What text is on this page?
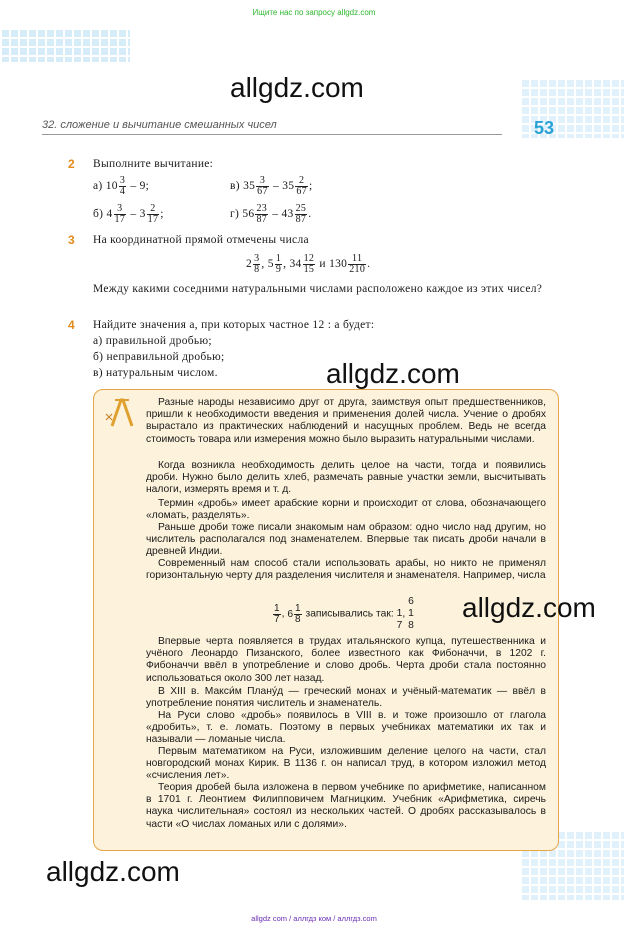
Ищите нас по запросу allgdz.com
allgdz.com
32. сложение и вычитание смешанных чисел	53
2 Выполните вычитание:
а) $10 \frac{3}{4} - 9$;	в) $35 \frac{3}{67} - 35 \frac{2}{67}$ ;
б) $4 \frac{3}{17} - 3 \frac{2}{17}$ ;	г) $56 \frac{23}{87} - 43 \frac{25}{87}$ .
3 На координатной прямой отмечены числа
$2 \frac{3}{8}$ , $5 \frac{1}{9}$ , $34 \frac{12}{15}$ и $130 \frac{11}{210}$ .
Между какими соседними натуральными числами расположено каждое из этих чисел?
4 Найдите значения a, при которых частное 12 : a будет:
а) правильной дробью;
б) неправильной дробью;
в) натуральным числом.	allgdz.com
Разные народы независимо друг от друга, заимствуя опыт предшественников, пришли к необходимости введения и применения долей числа. Учение о дробях вырастало из практических наблюдений и насущных проблем. Ведь не всегда стоимость товара или измерения можно было выразить натуральными числами.
Когда возникла необходимость делить целое на части, тогда и появились дроби. Нужно было делить хлеб, размечать равные участки земли, высчитывать налоги, измерять время и т. д.
Термин «дробь» имеет арабские корни и происходит от слова, обозначающего «ломать, разделять».
Раньше дроби тоже писали знакомым нам образом: одно число над другим, но числитель располагался под знаменателем. Впервые так писать дроби начали в древней Индии.
Современный нам способ стали использовать арабы, но никто не применял горизонтальную черту для разделения числителя и знаменателя. Например, числа
$\frac{1}{7}$ , $6 \frac{1}{8}$ записывались так:
1
7
,
6
1
8
Впервые черта появляется в трудах итальянского купца, путешественника и учёного Леонардо Пизанского, более известного как Фибоначчи, в 1202 г. Фибоначчи ввёл в употребление и слово дробь. Черта дроби стала постоянно использоваться около 300 лет назад.
В XIII в. Макси́м Плану́д — греческий монах и учёный-математик — ввёл в употребление понятия числитель и знаменатель.
На Руси слово «дробь» появилось в VIII в. и тоже произошло от глагола «дробить», т. е. ломать. Поэтому в первых учебниках математики их так и называли — ломаные числа.
Первым математиком на Руси, изложившим деление целого на части, стал новгородский монах Кирик. В 1136 г. он написал труд, в котором изложил метод «счисления лет».
Теория дробей была изложена в первом учебнике по арифметике, написанном в 1701 г. Леонтием Филипповичем Магницким. Учебник «Арифметика, сиречь наука числительная» состоял из нескольких частей. О дробях рассказывалось в части «О числах ломаных или с долями».
allgdz.com
allgdz.com
allgdz com / аллгдз ком / аллгдз.com
